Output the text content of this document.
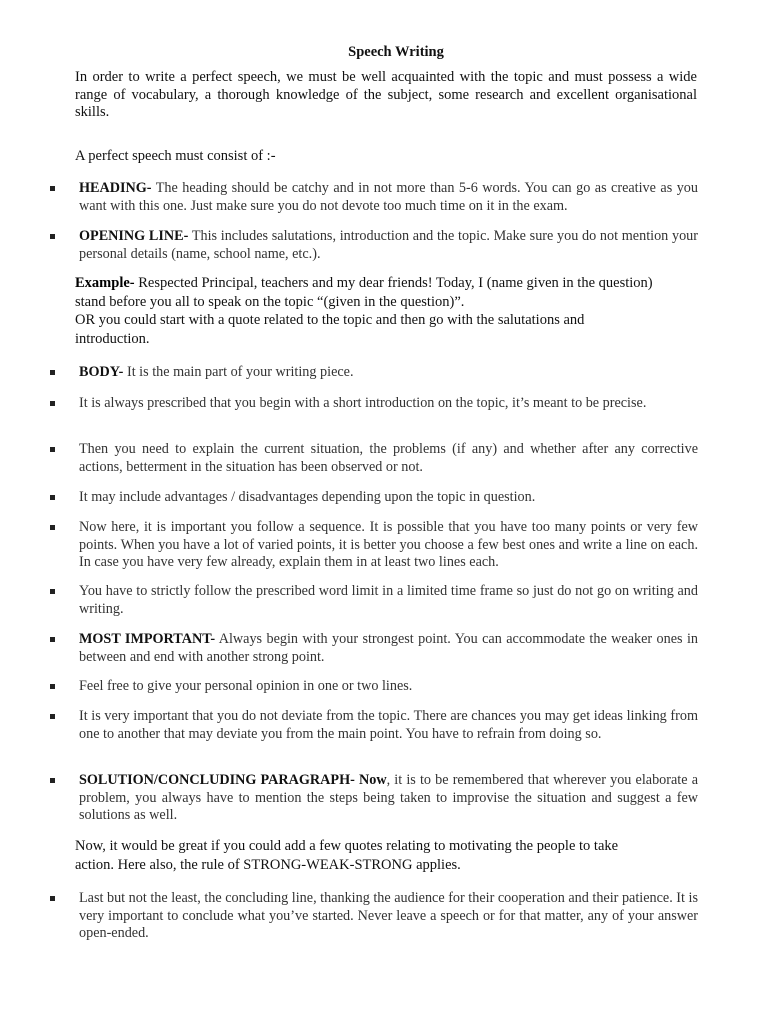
Speech Writing
In order to write a perfect speech, we must be well acquainted with the topic and must possess a wide range of vocabulary, a thorough knowledge of the subject, some research and excellent organisational skills.
A perfect speech must consist of :-
HEADING- The heading should be catchy and in not more than 5-6 words. You can go as creative as you want with this one. Just make sure you do not devote too much time on it in the exam.
OPENING LINE- This includes salutations, introduction and the topic. Make sure you do not mention your personal details (name, school name, etc.).
Example- Respected Principal, teachers and my dear friends! Today, I (name given in the question)
stand before you all to speak on the topic “(given in the question)”.
OR you could start with a quote related to the topic and then go with the salutations and
introduction.
BODY- It is the main part of your writing piece.
It is always prescribed that you begin with a short introduction on the topic, it’s meant to be precise.
Then you need to explain the current situation, the problems (if any) and whether after any corrective actions, betterment in the situation has been observed or not.
It may include advantages / disadvantages depending upon the topic in question.
Now here, it is important you follow a sequence. It is possible that you have too many points or very few points. When you have a lot of varied points, it is better you choose a few best ones and write a line on each. In case you have very few already, explain them in at least two lines each.
You have to strictly follow the prescribed word limit in a limited time frame so just do not go on writing and writing.
MOST IMPORTANT- Always begin with your strongest point. You can accommodate the weaker ones in between and end with another strong point.
Feel free to give your personal opinion in one or two lines.
It is very important that you do not deviate from the topic. There are chances you may get ideas linking from one to another that may deviate you from the main point. You have to refrain from doing so.
SOLUTION/CONCLUDING PARAGRAPH- Now, it is to be remembered that wherever you elaborate a problem, you always have to mention the steps being taken to improvise the situation and suggest a few solutions as well.
Now, it would be great if you could add a few quotes relating to motivating the people to take
action. Here also, the rule of STRONG-WEAK-STRONG applies.
Last but not the least, the concluding line, thanking the audience for their cooperation and their patience. It is very important to conclude what you’ve started. Never leave a speech or for that matter, any of your answer open-ended.
